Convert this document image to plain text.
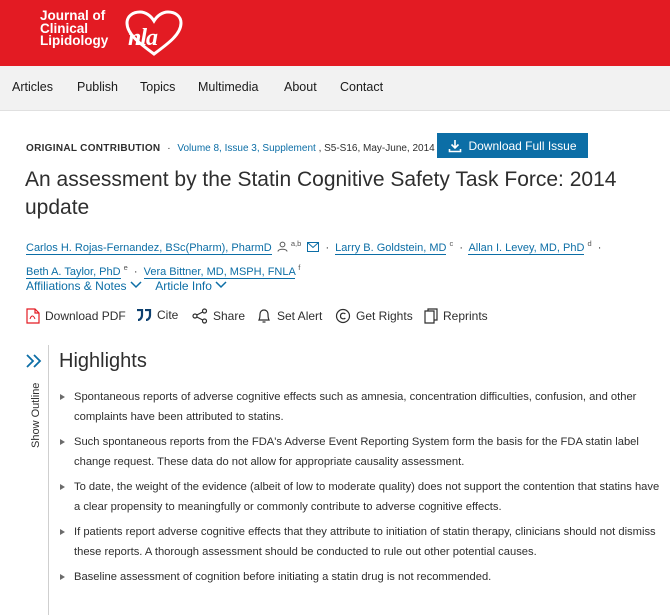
Journal of
Clinical
Lipidology nla
Articles Publish Topics Multimedia About Contact
ORIGINAL CONTRIBUTION · Volume 8, Issue 3, Supplement , S5-S16, May-June, 2014	Download Full Issue
An assessment by the Statin Cognitive Safety Task Force: 2014 update
Carlos H. Rojas-Fernandez, BSc(Pharm), PharmD	$^{a,b}$ · Larry B. Goldstein, MD $^c$ · Allan I. Levey, MD, PhD $^d$ ·
Beth A. Taylor, PhD $^e$ · Vera Bittner, MD, MSPH, FNLA $^f$
Affiliations & Notes Article Info
Download PDF	Cite	Share	Set Alert	Get Rights	Reprints
Show Outline
Highlights
Spontaneous reports of adverse cognitive effects such as amnesia, concentration difficulties, confusion, and other complaints have been attributed to statins.
Such spontaneous reports from the FDA's Adverse Event Reporting System form the basis for the FDA statin label change request. These data do not allow for appropriate causality assessment.
To date, the weight of the evidence (albeit of low to moderate quality) does not support the contention that statins have a clear propensity to meaningfully or commonly contribute to adverse cognitive effects.
If patients report adverse cognitive effects that they attribute to initiation of statin therapy, clinicians should not dismiss these reports. A thorough assessment should be conducted to rule out other potential causes.
Baseline assessment of cognition before initiating a statin drug is not recommended.
